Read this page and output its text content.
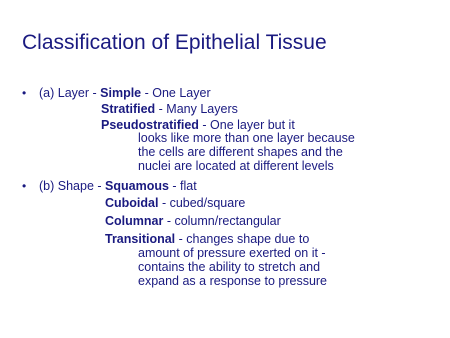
Classification of Epithelial Tissue
• (a) Layer - Simple - One Layer
Stratified - Many Layers
Pseudostratified - One layer but it
looks like more than one layer because
the cells are different shapes and the
nuclei are located at different levels
• (b) Shape - Squamous - flat
Cuboidal - cubed/square
Columnar - column/rectangular
Transitional - changes shape due to
amount of pressure exerted on it -
contains the ability to stretch and
expand as a response to pressure
